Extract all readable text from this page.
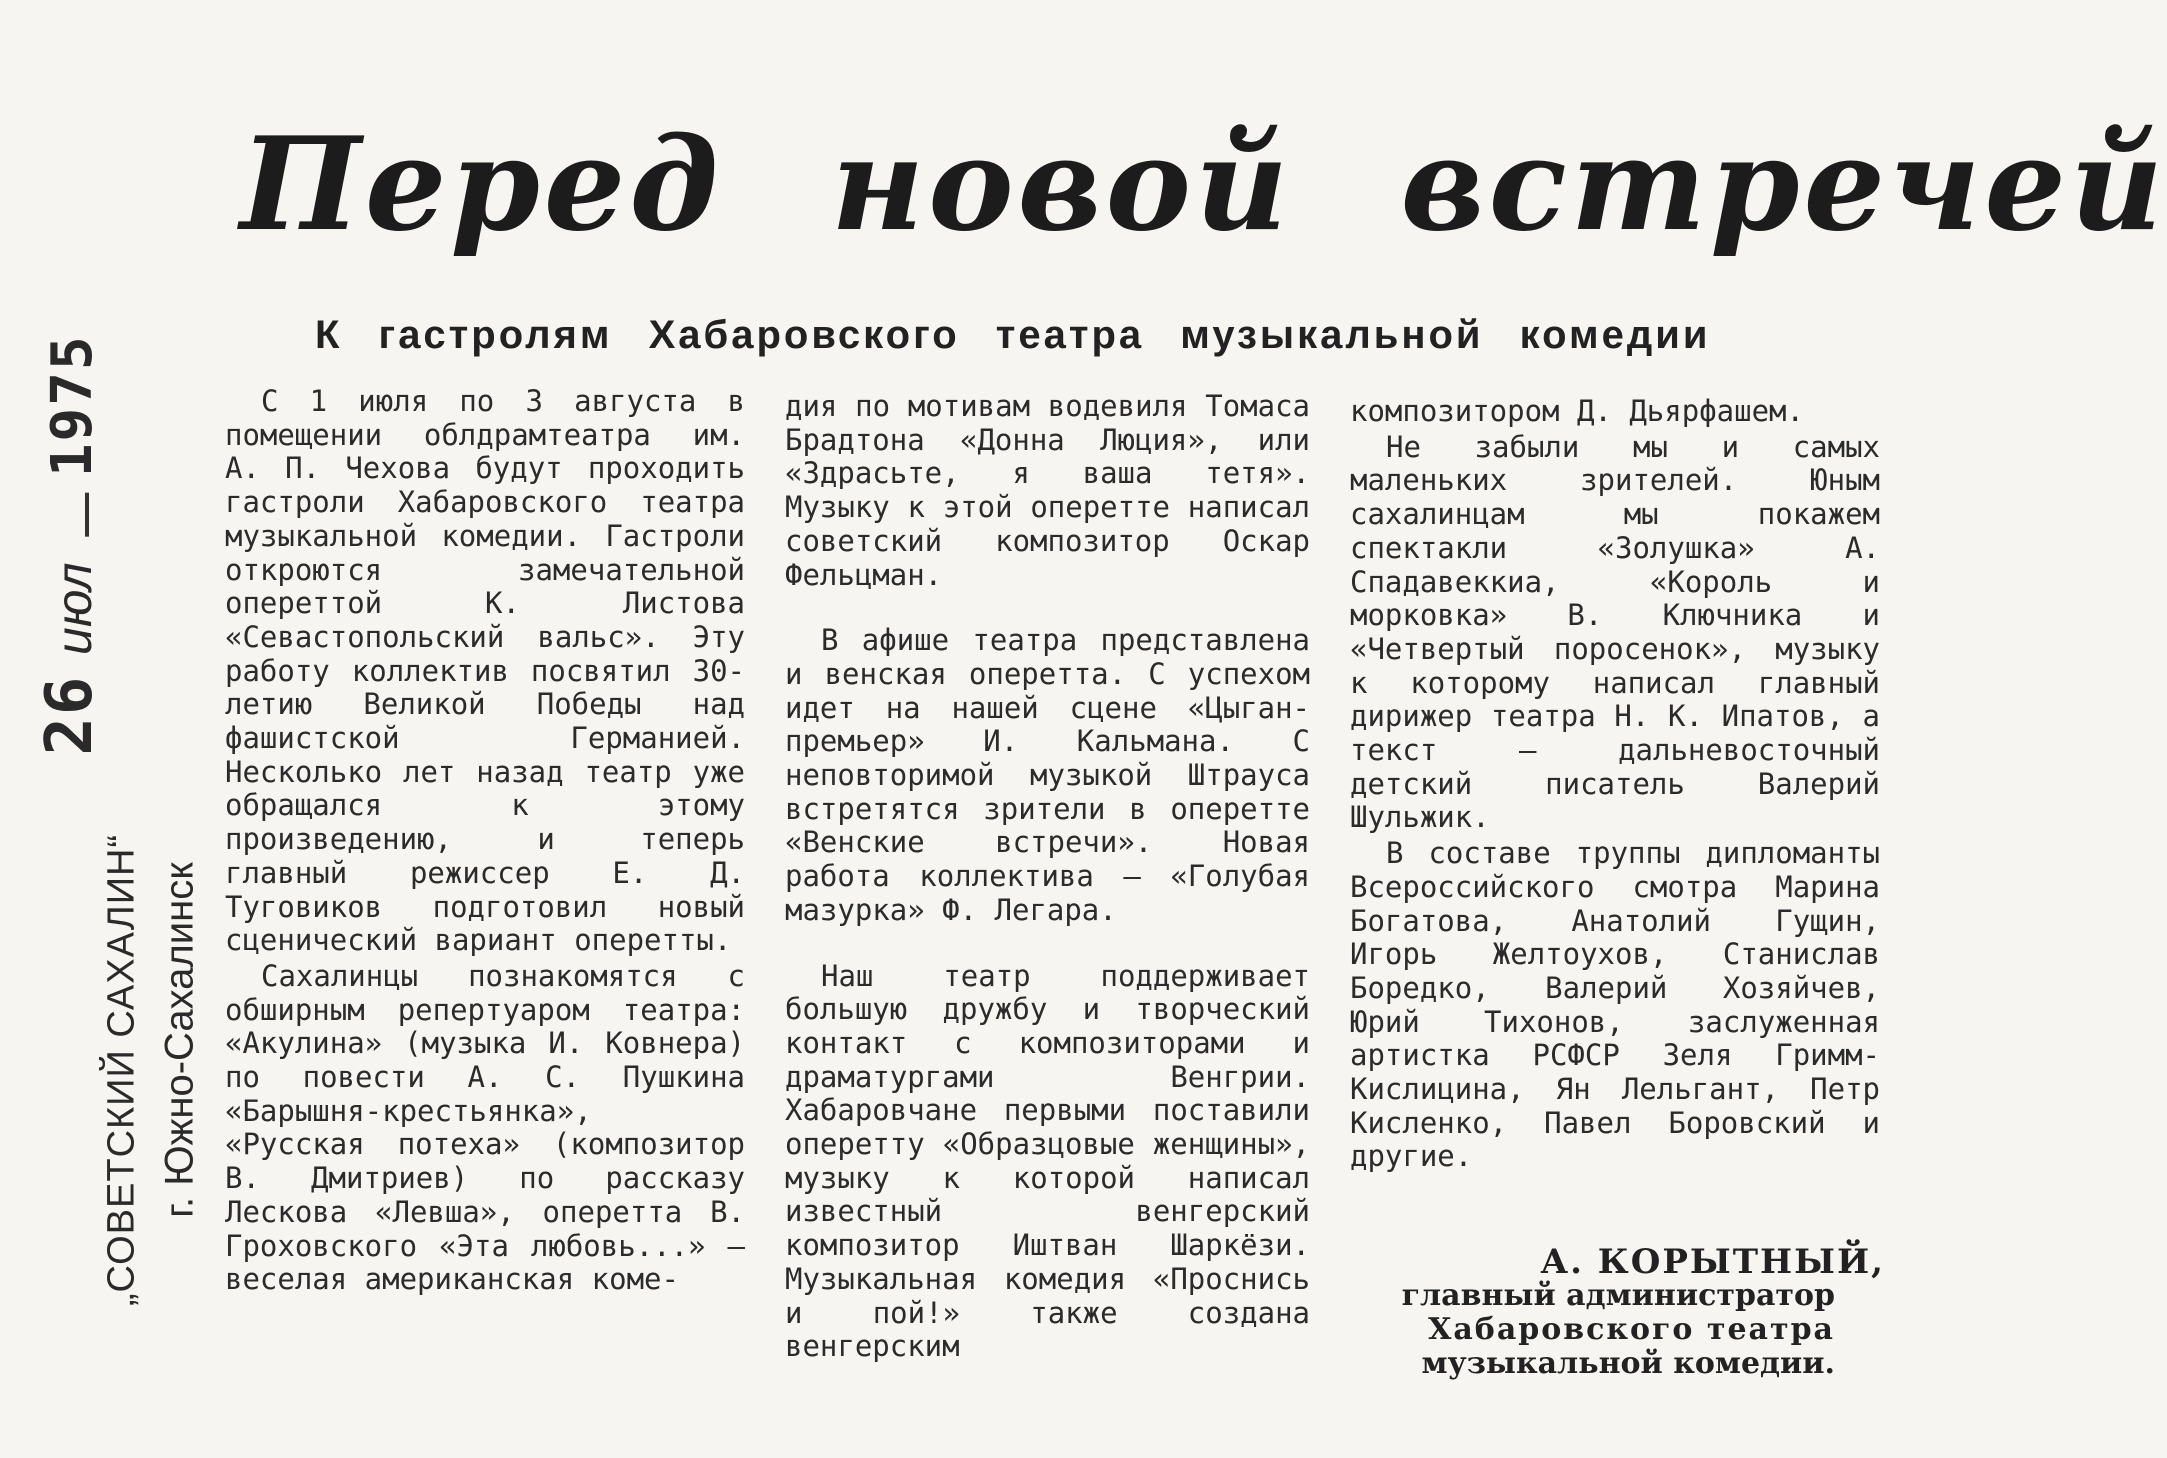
26 июл  1975
„СОВЕТСКИЙ САХАЛИН“ г. Южно-Сахалинск
Перед новой встречей
К гастролям Хабаровского театра музыкальной комедии

С 1 июля по 3 августа в помещении облдрамтеатра им. А. П. Чехова будут проходить гастроли Хабаровского театра музыкальной комедии. Гастроли откроются замечательной опереттой К. Листова «Севастопольский вальс». Эту работу коллектив посвятил 30-летию Великой Победы над фашистской Германией. Несколько лет назад театр уже обращался к этому произведению, и теперь главный режиссер Е. Д. Туговиков подготовил новый сценический вариант оперетты.

Сахалинцы познакомятся с обширным репертуаром театра: «Акулина» (музыка И. Ковнера) по повести А. С. Пушкина «Барышня-крестьянка», «Русская потеха» (композитор В. Дмитриев) по рассказу Лескова «Левша», оперетта В. Гроховского «Эта любовь...» — веселая американская коме-

дия по мотивам водевиля Томаса Брадтона «Донна Люция», или «Здрасьте, я ваша тетя». Музыку к этой оперетте написал советский композитор Оскар Фельцман.

В афише театра представлена и венская оперетта. С успехом идет на нашей сцене «Цыган-премьер» И. Кальмана. С неповторимой музыкой Штрауса встретятся зрители в оперетте «Венские встречи». Новая работа коллектива — «Голубая мазурка» Ф. Легара.

Наш театр поддерживает большую дружбу и творческий контакт с композиторами и драматургами Венгрии. Хабаровчане первыми поставили оперетту «Образцовые женщины», музыку к которой написал известный венгерский композитор Иштван Шаркёзи. Музыкальная комедия «Проснись и пой!» также создана венгерским

композитором Д. Дьярфашем.

Не забыли мы и самых маленьких зрителей. Юным сахалинцам мы покажем спектакли «Золушка» А. Спадавеккиа, «Король и морковка» В. Ключника и «Четвертый поросенок», музыку к которому написал главный дирижер театра Н. К. Ипатов, а текст — дальневосточный детский писатель Валерий Шульжик.

В составе труппы дипломанты Всероссийского смотра Марина Богатова, Анатолий Гущин, Игорь Желтоухов, Станислав Боредко, Валерий Хозяйчев, Юрий Тихонов, заслуженная артистка РСФСР Зеля Гримм-Кислицина, Ян Лельгант, Петр Кисленко, Павел Боровский и другие.

А. КОРЫТНЫЙ,
главный администратор
Хабаровского театра
музыкальной комедии.
